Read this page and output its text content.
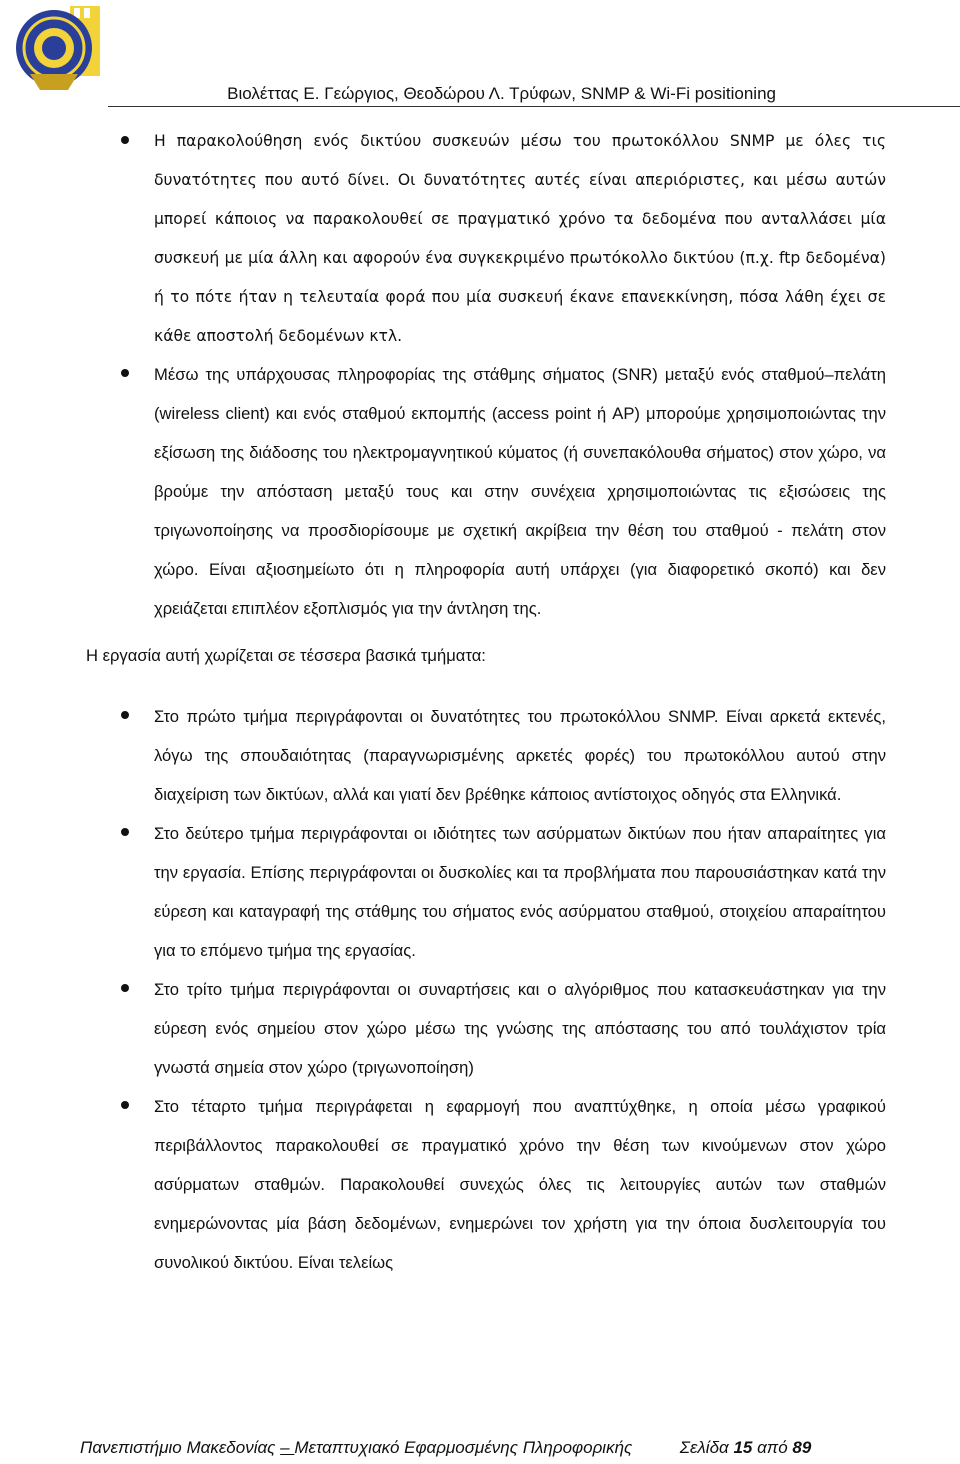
Βιολέττας Ε. Γεώργιος, Θεοδώρου Λ. Τρύφων, SNMP & Wi-Fi positioning
Η παρακολούθηση ενός δικτύου συσκευών μέσω του πρωτοκόλλου SNMP με όλες τις δυνατότητες που αυτό δίνει. Οι δυνατότητες αυτές είναι απεριόριστες, και μέσω αυτών μπορεί κάποιος να παρακολουθεί σε πραγματικό χρόνο τα δεδομένα που ανταλλάσει μία συσκευή με μία άλλη και αφορούν ένα συγκεκριμένο πρωτόκολλο δικτύου (π.χ. ftp δεδομένα) ή το πότε ήταν η τελευταία φορά που μία συσκευή έκανε επανεκκίνηση, πόσα λάθη έχει σε κάθε αποστολή δεδομένων κτλ.
Μέσω της υπάρχουσας πληροφορίας της στάθμης σήματος (SNR) μεταξύ ενός σταθμού–πελάτη (wireless client) και ενός σταθμού εκπομπής (access point ή AP) μπορούμε χρησιμοποιώντας την εξίσωση της διάδοσης του ηλεκτρομαγνητικού κύματος (ή συνεπακόλουθα σήματος) στον χώρο, να βρούμε την απόσταση μεταξύ τους και στην συνέχεια χρησιμοποιώντας τις εξισώσεις της τριγωνοποίησης να προσδιορίσουμε με σχετική ακρίβεια την θέση του σταθμού - πελάτη στον χώρο. Είναι αξιοσημείωτο ότι η πληροφορία αυτή υπάρχει (για διαφορετικό σκοπό) και δεν χρειάζεται επιπλέον εξοπλισμός για την άντληση της.
Η εργασία αυτή χωρίζεται σε τέσσερα βασικά τμήματα:
Στο πρώτο τμήμα περιγράφονται οι δυνατότητες του πρωτοκόλλου SNMP. Είναι αρκετά εκτενές, λόγω της σπουδαιότητας (παραγνωρισμένης αρκετές φορές) του πρωτοκόλλου αυτού στην διαχείριση των δικτύων, αλλά και γιατί δεν βρέθηκε κάποιος αντίστοιχος οδηγός στα Ελληνικά.
Στο δεύτερο τμήμα περιγράφονται οι ιδιότητες των ασύρματων δικτύων που ήταν απαραίτητες για την εργασία. Επίσης περιγράφονται οι δυσκολίες και τα προβλήματα που παρουσιάστηκαν κατά την εύρεση και καταγραφή της στάθμης του σήματος ενός ασύρματου σταθμού, στοιχείου απαραίτητου για το επόμενο τμήμα της εργασίας.
Στο τρίτο τμήμα περιγράφονται οι συναρτήσεις και ο αλγόριθμος που κατασκευάστηκαν για την εύρεση ενός σημείου στον χώρο μέσω της γνώσης της απόστασης του από τουλάχιστον τρία γνωστά σημεία στον χώρο (τριγωνοποίηση)
Στο τέταρτο τμήμα περιγράφεται η εφαρμογή που αναπτύχθηκε, η οποία μέσω γραφικού περιβάλλοντος παρακολουθεί σε πραγματικό χρόνο την θέση των κινούμενων στον χώρο ασύρματων σταθμών. Παρακολουθεί συνεχώς όλες τις λειτουργίες αυτών των σταθμών ενημερώνοντας μία βάση δεδομένων, ενημερώνει τον χρήστη για την όποια δυσλειτουργία του συνολικού δικτύου. Είναι τελείως
Πανεπιστήμιο Μακεδονίας – Μεταπτυχιακό Εφαρμοσμένης Πληροφορικής	Σελίδα 15 από 89
